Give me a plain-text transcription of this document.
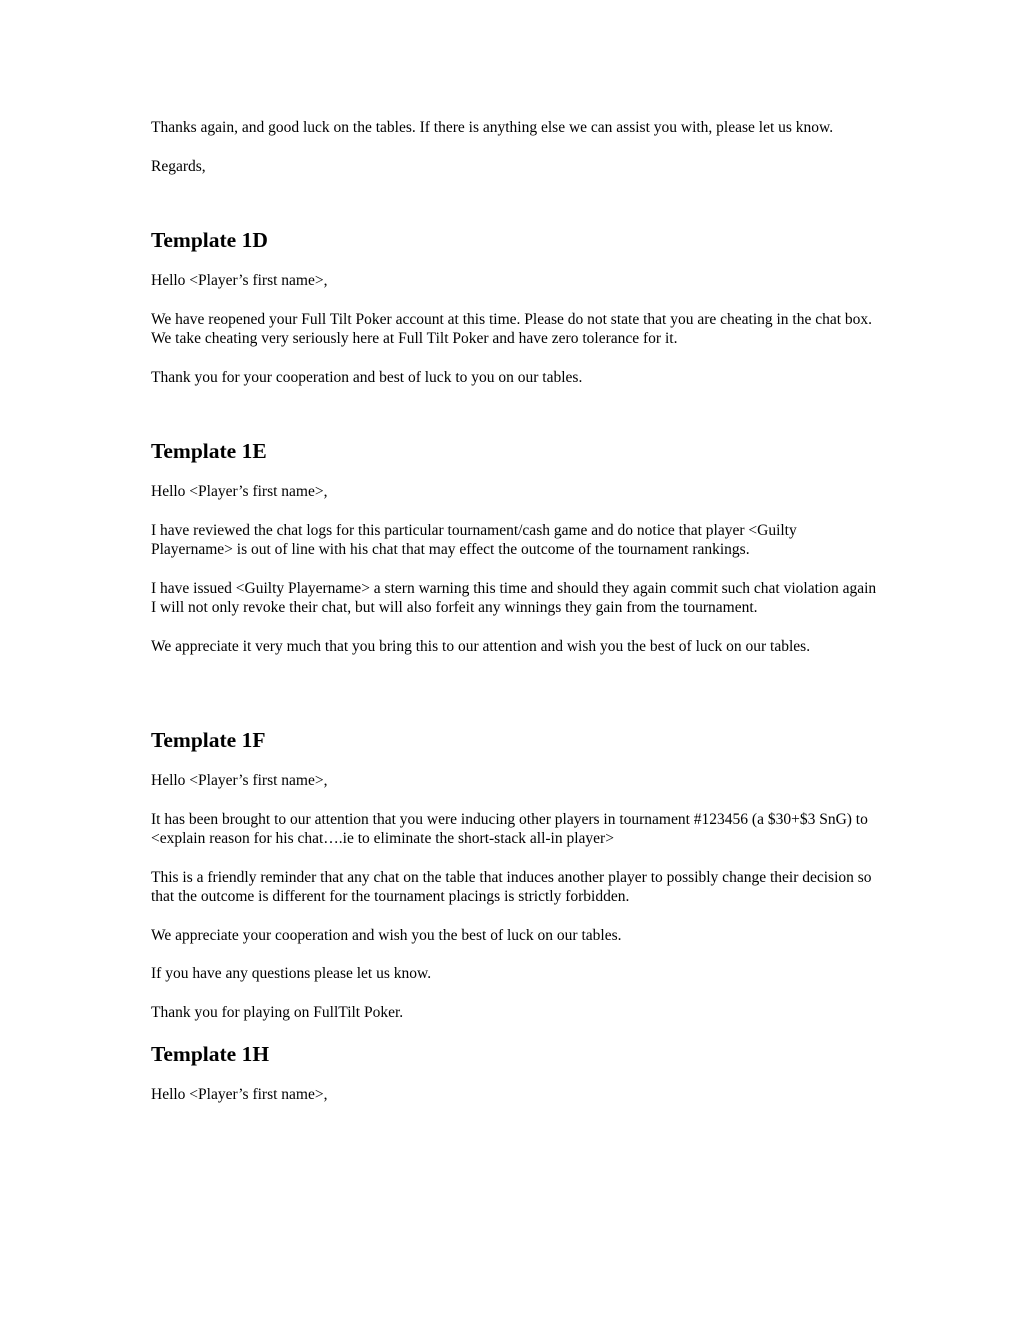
Thanks again, and good luck on the tables. If there is anything else we can assist you with, please let us know.

Regards,

Template 1D

Hello <Player’s first name>,

We have reopened your Full Tilt Poker account at this time. Please do not state that you are cheating in the chat box. We take cheating very seriously here at Full Tilt Poker and have zero tolerance for it.

Thank you for your cooperation and best of luck to you on our tables.

Template 1E

Hello <Player’s first name>,

I have reviewed the chat logs for this particular tournament/cash game and do notice that player <Guilty Playername> is out of line with his chat that may effect the outcome of the tournament rankings.

I have issued <Guilty Playername> a stern warning this time and should they again commit such chat violation again I will not only revoke their chat, but will also forfeit any winnings they gain from the tournament.

We appreciate it very much that you bring this to our attention and wish you the best of luck on our tables.

Template 1F

Hello <Player’s first name>,

It has been brought to our attention that you were inducing other players in tournament #123456 (a $30+$3 SnG) to <explain reason for his chat….ie to eliminate the short-stack all-in player>

This is a friendly reminder that any chat on the table that induces another player to possibly change their decision so that the outcome is different for the tournament placings is strictly forbidden.

We appreciate your cooperation and wish you the best of luck on our tables.

If you have any questions please let us know.

Thank you for playing on FullTilt Poker.

Template 1H

Hello <Player’s first name>,
